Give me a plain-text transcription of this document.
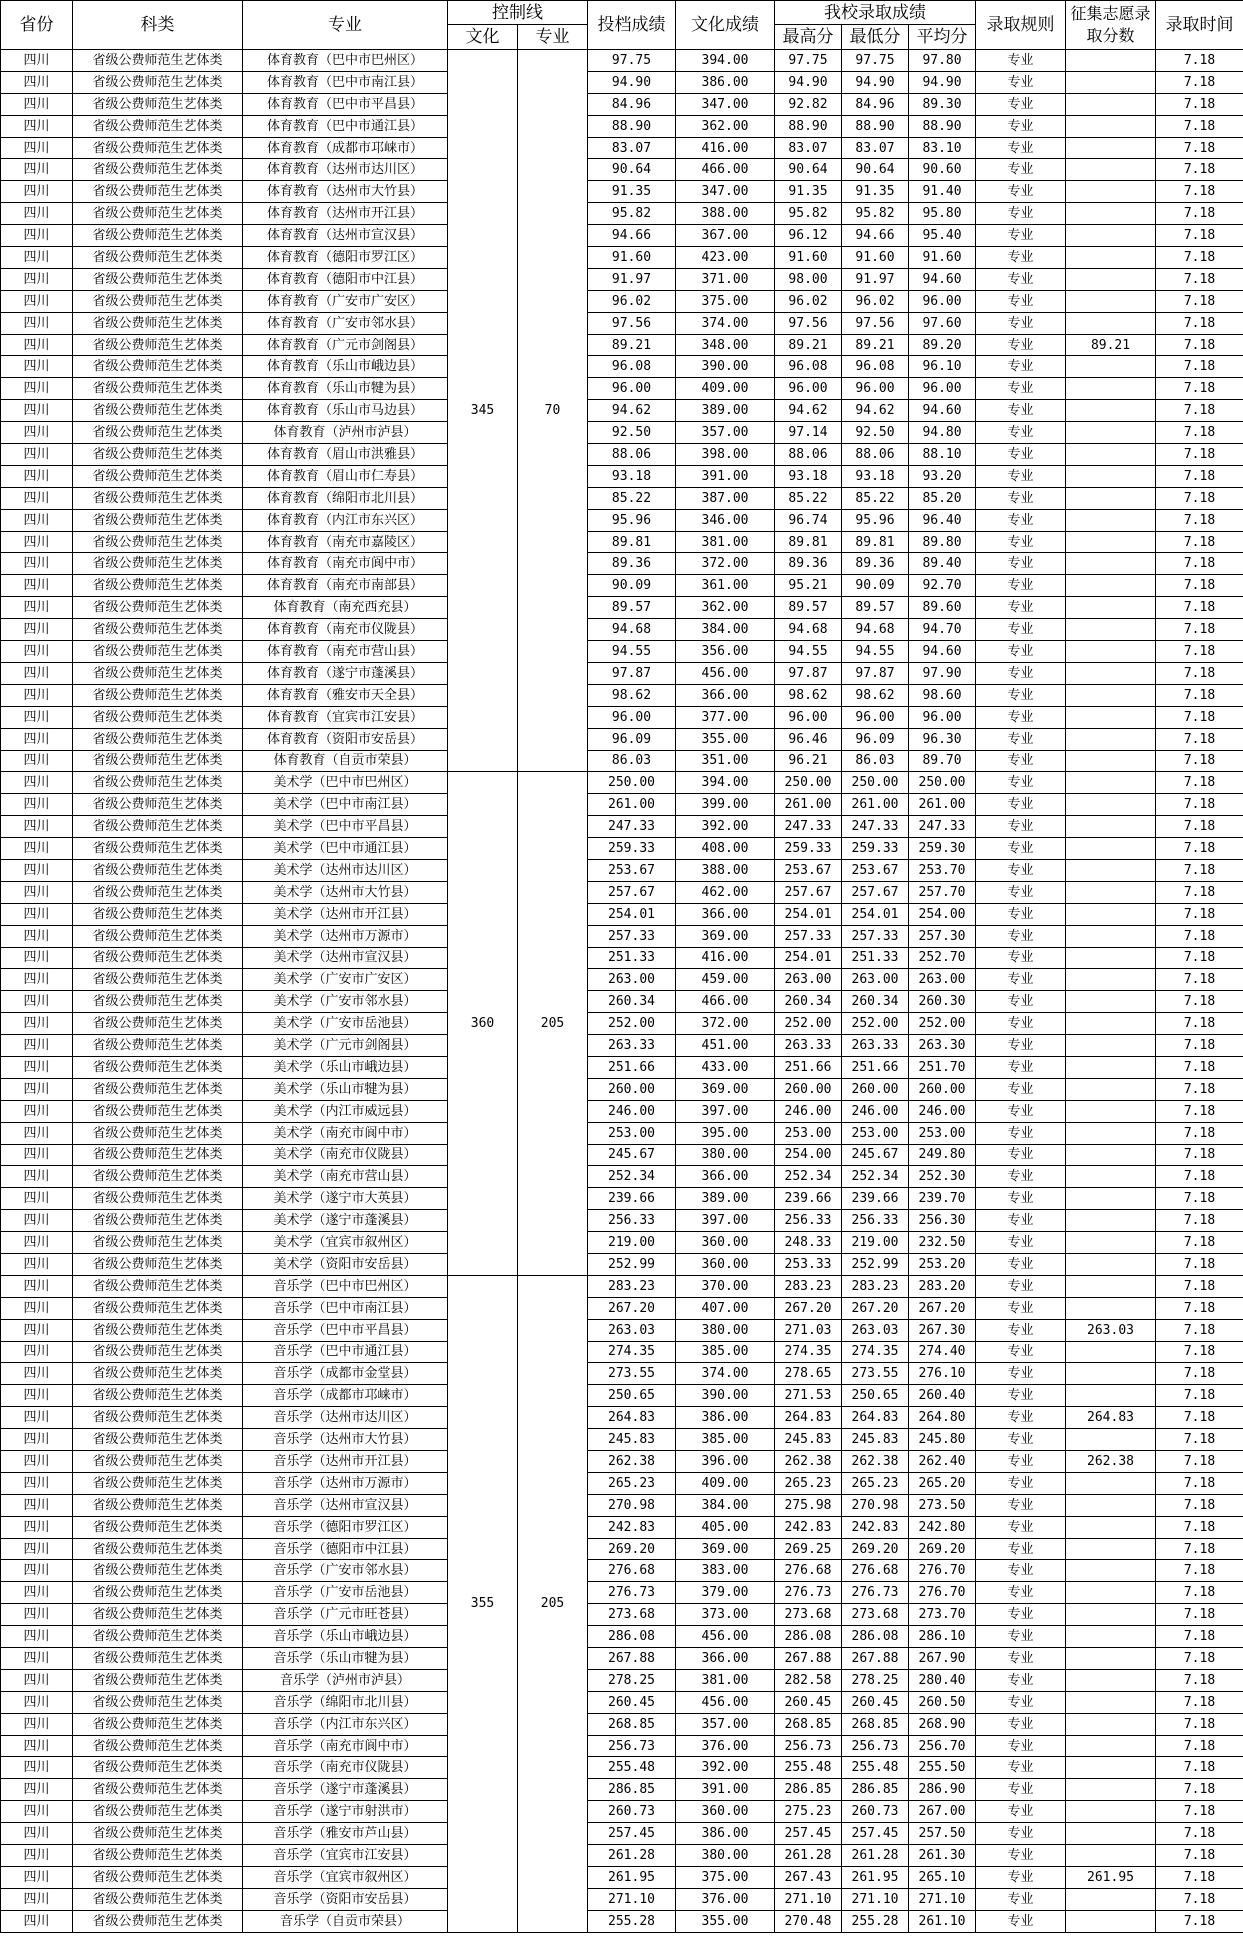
省份	科类	专业	控制线		投档成绩	文化成绩	我校录取成绩			录取规则	征集志愿录取分数	录取时间
			文化	专业			最高分	最低分	平均分			
四川	省级公费师范生艺体类	体育教育（巴中市巴州区）	345	70	97.75	394.00	97.75	97.75	97.80	专业		7.18
四川	省级公费师范生艺体类	体育教育（巴中市南江县）			94.90	386.00	94.90	94.90	94.90	专业		7.18
四川	省级公费师范生艺体类	体育教育（巴中市平昌县）			84.96	347.00	92.82	84.96	89.30	专业		7.18
四川	省级公费师范生艺体类	体育教育（巴中市通江县）			88.90	362.00	88.90	88.90	88.90	专业		7.18
四川	省级公费师范生艺体类	体育教育（成都市邛崃市）			83.07	416.00	83.07	83.07	83.10	专业		7.18
四川	省级公费师范生艺体类	体育教育（达州市达川区）			90.64	466.00	90.64	90.64	90.60	专业		7.18
四川	省级公费师范生艺体类	体育教育（达州市大竹县）			91.35	347.00	91.35	91.35	91.40	专业		7.18
四川	省级公费师范生艺体类	体育教育（达州市开江县）			95.82	388.00	95.82	95.82	95.80	专业		7.18
四川	省级公费师范生艺体类	体育教育（达州市宣汉县）			94.66	367.00	96.12	94.66	95.40	专业		7.18
四川	省级公费师范生艺体类	体育教育（德阳市罗江区）			91.60	423.00	91.60	91.60	91.60	专业		7.18
四川	省级公费师范生艺体类	体育教育（德阳市中江县）			91.97	371.00	98.00	91.97	94.60	专业		7.18
四川	省级公费师范生艺体类	体育教育（广安市广安区）			96.02	375.00	96.02	96.02	96.00	专业		7.18
四川	省级公费师范生艺体类	体育教育（广安市邻水县）			97.56	374.00	97.56	97.56	97.60	专业		7.18
四川	省级公费师范生艺体类	体育教育（广元市剑阁县）			89.21	348.00	89.21	89.21	89.20	专业	89.21	7.18
四川	省级公费师范生艺体类	体育教育（乐山市峨边县）			96.08	390.00	96.08	96.08	96.10	专业		7.18
四川	省级公费师范生艺体类	体育教育（乐山市犍为县）			96.00	409.00	96.00	96.00	96.00	专业		7.18
四川	省级公费师范生艺体类	体育教育（乐山市马边县）			94.62	389.00	94.62	94.62	94.60	专业		7.18
四川	省级公费师范生艺体类	体育教育（泸州市泸县）			92.50	357.00	97.14	92.50	94.80	专业		7.18
四川	省级公费师范生艺体类	体育教育（眉山市洪雅县）			88.06	398.00	88.06	88.06	88.10	专业		7.18
四川	省级公费师范生艺体类	体育教育（眉山市仁寿县）			93.18	391.00	93.18	93.18	93.20	专业		7.18
四川	省级公费师范生艺体类	体育教育（绵阳市北川县）			85.22	387.00	85.22	85.22	85.20	专业		7.18
四川	省级公费师范生艺体类	体育教育（内江市东兴区）			95.96	346.00	96.74	95.96	96.40	专业		7.18
四川	省级公费师范生艺体类	体育教育（南充市嘉陵区）			89.81	381.00	89.81	89.81	89.80	专业		7.18
四川	省级公费师范生艺体类	体育教育（南充市阆中市）			89.36	372.00	89.36	89.36	89.40	专业		7.18
四川	省级公费师范生艺体类	体育教育（南充市南部县）			90.09	361.00	95.21	90.09	92.70	专业		7.18
四川	省级公费师范生艺体类	体育教育（南充西充县）			89.57	362.00	89.57	89.57	89.60	专业		7.18
四川	省级公费师范生艺体类	体育教育（南充市仪陇县）			94.68	384.00	94.68	94.68	94.70	专业		7.18
四川	省级公费师范生艺体类	体育教育（南充市营山县）			94.55	356.00	94.55	94.55	94.60	专业		7.18
四川	省级公费师范生艺体类	体育教育（遂宁市蓬溪县）			97.87	456.00	97.87	97.87	97.90	专业		7.18
四川	省级公费师范生艺体类	体育教育（雅安市天全县）			98.62	366.00	98.62	98.62	98.60	专业		7.18
四川	省级公费师范生艺体类	体育教育（宜宾市江安县）			96.00	377.00	96.00	96.00	96.00	专业		7.18
四川	省级公费师范生艺体类	体育教育（资阳市安岳县）			96.09	355.00	96.46	96.09	96.30	专业		7.18
四川	省级公费师范生艺体类	体育教育（自贡市荣县）			86.03	351.00	96.21	86.03	89.70	专业		7.18
四川	省级公费师范生艺体类	美术学（巴中市巴州区）	360	205	250.00	394.00	250.00	250.00	250.00	专业		7.18
四川	省级公费师范生艺体类	美术学（巴中市南江县）			261.00	399.00	261.00	261.00	261.00	专业		7.18
四川	省级公费师范生艺体类	美术学（巴中市平昌县）			247.33	392.00	247.33	247.33	247.33	专业		7.18
四川	省级公费师范生艺体类	美术学（巴中市通江县）			259.33	408.00	259.33	259.33	259.30	专业		7.18
四川	省级公费师范生艺体类	美术学（达州市达川区）			253.67	388.00	253.67	253.67	253.70	专业		7.18
四川	省级公费师范生艺体类	美术学（达州市大竹县）			257.67	462.00	257.67	257.67	257.70	专业		7.18
四川	省级公费师范生艺体类	美术学（达州市开江县）			254.01	366.00	254.01	254.01	254.00	专业		7.18
四川	省级公费师范生艺体类	美术学（达州市万源市）			257.33	369.00	257.33	257.33	257.30	专业		7.18
四川	省级公费师范生艺体类	美术学（达州市宣汉县）			251.33	416.00	254.01	251.33	252.70	专业		7.18
四川	省级公费师范生艺体类	美术学（广安市广安区）			263.00	459.00	263.00	263.00	263.00	专业		7.18
四川	省级公费师范生艺体类	美术学（广安市邻水县）			260.34	466.00	260.34	260.34	260.30	专业		7.18
四川	省级公费师范生艺体类	美术学（广安市岳池县）			252.00	372.00	252.00	252.00	252.00	专业		7.18
四川	省级公费师范生艺体类	美术学（广元市剑阁县）			263.33	451.00	263.33	263.33	263.30	专业		7.18
四川	省级公费师范生艺体类	美术学（乐山市峨边县）			251.66	433.00	251.66	251.66	251.70	专业		7.18
四川	省级公费师范生艺体类	美术学（乐山市犍为县）			260.00	369.00	260.00	260.00	260.00	专业		7.18
四川	省级公费师范生艺体类	美术学（内江市威远县）			246.00	397.00	246.00	246.00	246.00	专业		7.18
四川	省级公费师范生艺体类	美术学（南充市阆中市）			253.00	395.00	253.00	253.00	253.00	专业		7.18
四川	省级公费师范生艺体类	美术学（南充市仪陇县）			245.67	380.00	254.00	245.67	249.80	专业		7.18
四川	省级公费师范生艺体类	美术学（南充市营山县）			252.34	366.00	252.34	252.34	252.30	专业		7.18
四川	省级公费师范生艺体类	美术学（遂宁市大英县）			239.66	389.00	239.66	239.66	239.70	专业		7.18
四川	省级公费师范生艺体类	美术学（遂宁市蓬溪县）			256.33	397.00	256.33	256.33	256.30	专业		7.18
四川	省级公费师范生艺体类	美术学（宜宾市叙州区）			219.00	360.00	248.33	219.00	232.50	专业		7.18
四川	省级公费师范生艺体类	美术学（资阳市安岳县）			252.99	360.00	253.33	252.99	253.20	专业		7.18
四川	省级公费师范生艺体类	音乐学（巴中市巴州区）	355	205	283.23	370.00	283.23	283.23	283.20	专业		7.18
四川	省级公费师范生艺体类	音乐学（巴中市南江县）			267.20	407.00	267.20	267.20	267.20	专业		7.18
四川	省级公费师范生艺体类	音乐学（巴中市平昌县）			263.03	380.00	271.03	263.03	267.30	专业	263.03	7.18
四川	省级公费师范生艺体类	音乐学（巴中市通江县）			274.35	385.00	274.35	274.35	274.40	专业		7.18
四川	省级公费师范生艺体类	音乐学（成都市金堂县）			273.55	374.00	278.65	273.55	276.10	专业		7.18
四川	省级公费师范生艺体类	音乐学（成都市邛崃市）			250.65	390.00	271.53	250.65	260.40	专业		7.18
四川	省级公费师范生艺体类	音乐学（达州市达川区）			264.83	386.00	264.83	264.83	264.80	专业	264.83	7.18
四川	省级公费师范生艺体类	音乐学（达州市大竹县）			245.83	385.00	245.83	245.83	245.80	专业		7.18
四川	省级公费师范生艺体类	音乐学（达州市开江县）			262.38	396.00	262.38	262.38	262.40	专业	262.38	7.18
四川	省级公费师范生艺体类	音乐学（达州市万源市）			265.23	409.00	265.23	265.23	265.20	专业		7.18
四川	省级公费师范生艺体类	音乐学（达州市宣汉县）			270.98	384.00	275.98	270.98	273.50	专业		7.18
四川	省级公费师范生艺体类	音乐学（德阳市罗江区）			242.83	405.00	242.83	242.83	242.80	专业		7.18
四川	省级公费师范生艺体类	音乐学（德阳市中江县）			269.20	369.00	269.25	269.20	269.20	专业		7.18
四川	省级公费师范生艺体类	音乐学（广安市邻水县）			276.68	383.00	276.68	276.68	276.70	专业		7.18
四川	省级公费师范生艺体类	音乐学（广安市岳池县）			276.73	379.00	276.73	276.73	276.70	专业		7.18
四川	省级公费师范生艺体类	音乐学（广元市旺苍县）			273.68	373.00	273.68	273.68	273.70	专业		7.18
四川	省级公费师范生艺体类	音乐学（乐山市峨边县）			286.08	456.00	286.08	286.08	286.10	专业		7.18
四川	省级公费师范生艺体类	音乐学（乐山市犍为县）			267.88	366.00	267.88	267.88	267.90	专业		7.18
四川	省级公费师范生艺体类	音乐学（泸州市泸县）			278.25	381.00	282.58	278.25	280.40	专业		7.18
四川	省级公费师范生艺体类	音乐学（绵阳市北川县）			260.45	456.00	260.45	260.45	260.50	专业		7.18
四川	省级公费师范生艺体类	音乐学（内江市东兴区）			268.85	357.00	268.85	268.85	268.90	专业		7.18
四川	省级公费师范生艺体类	音乐学（南充市阆中市）			256.73	376.00	256.73	256.73	256.70	专业		7.18
四川	省级公费师范生艺体类	音乐学（南充市仪陇县）			255.48	392.00	255.48	255.48	255.50	专业		7.18
四川	省级公费师范生艺体类	音乐学（遂宁市蓬溪县）			286.85	391.00	286.85	286.85	286.90	专业		7.18
四川	省级公费师范生艺体类	音乐学（遂宁市射洪市）			260.73	360.00	275.23	260.73	267.00	专业		7.18
四川	省级公费师范生艺体类	音乐学（雅安市芦山县）			257.45	386.00	257.45	257.45	257.50	专业		7.18
四川	省级公费师范生艺体类	音乐学（宜宾市江安县）			261.28	380.00	261.28	261.28	261.30	专业		7.18
四川	省级公费师范生艺体类	音乐学（宜宾市叙州区）			261.95	375.00	267.43	261.95	265.10	专业	261.95	7.18
四川	省级公费师范生艺体类	音乐学（资阳市安岳县）			271.10	376.00	271.10	271.10	271.10	专业		7.18
四川	省级公费师范生艺体类	音乐学（自贡市荣县）			255.28	355.00	270.48	255.28	261.10	专业		7.18
